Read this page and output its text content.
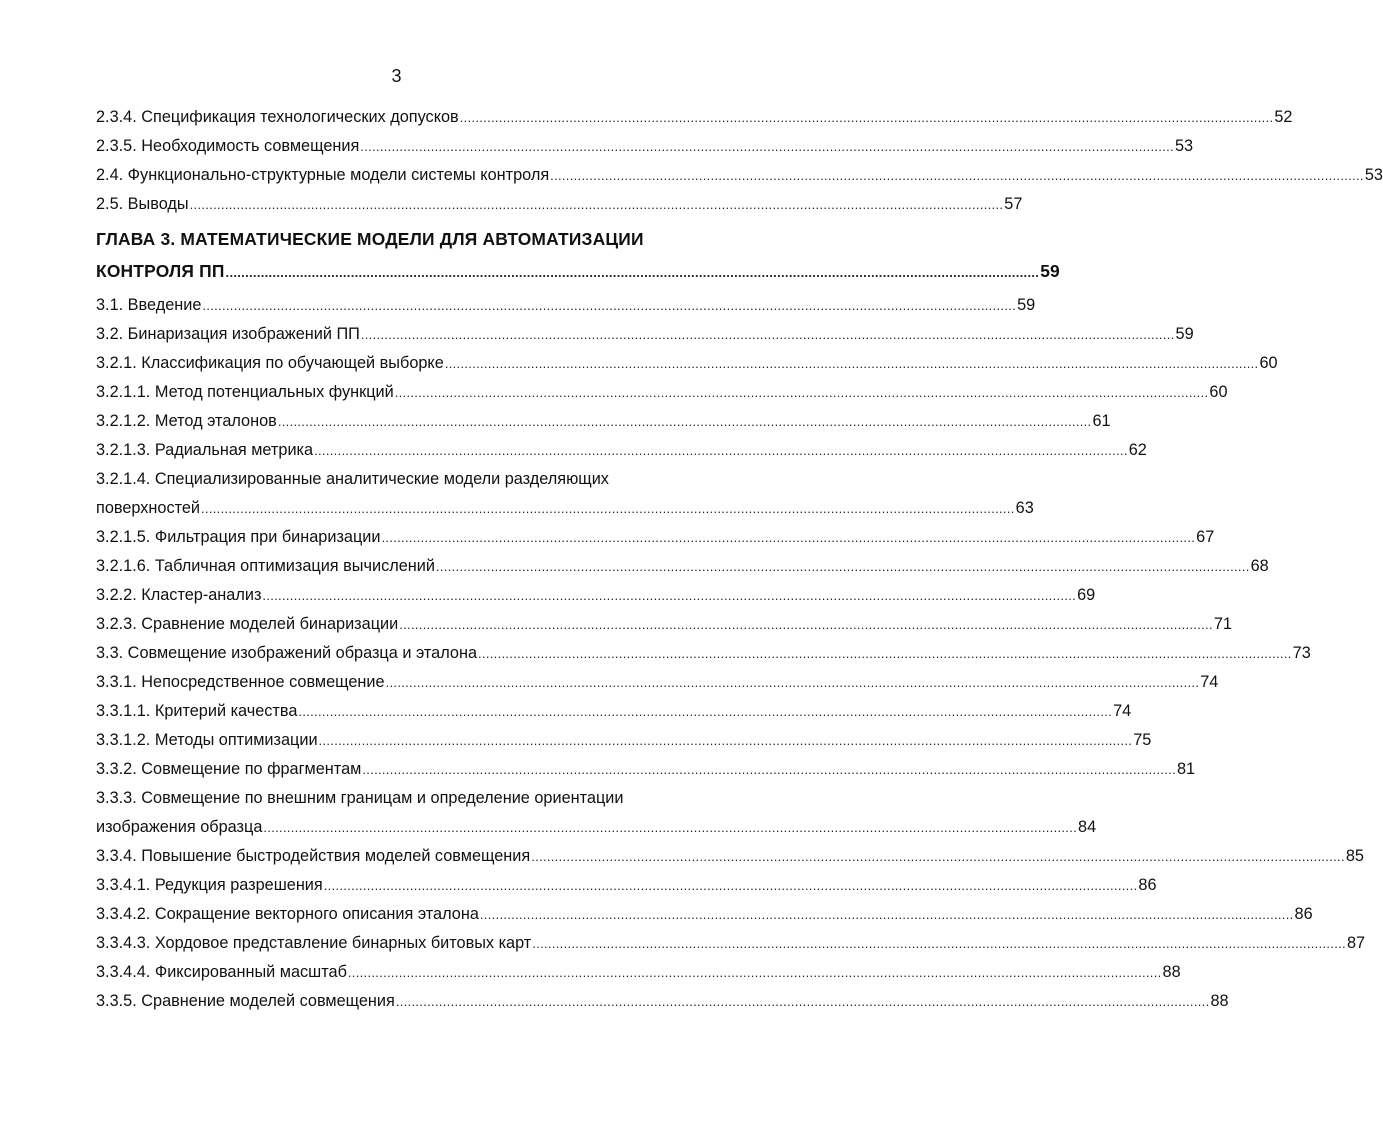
3
2.3.4. Спецификация технологических допусков .....	52
2.3.5. Необходимость совмещения .....	53
2.4. Функционально-структурные модели системы контроля .....	53
2.5. Выводы .....	57
ГЛАВА 3. МАТЕМАТИЧЕСКИЕ МОДЕЛИ ДЛЯ АВТОМАТИЗАЦИИ
КОНТРОЛЯ ПП .....	59
3.1. Введение .....	59
3.2. Бинаризация изображений ПП .....	59
3.2.1. Классификация по обучающей выборке .....	60
3.2.1.1. Метод потенциальных функций .....	60
3.2.1.2. Метод эталонов .....	61
3.2.1.3. Радиальная метрика .....	62
3.2.1.4. Специализированные аналитические модели разделяющих
поверхностей .....	63
3.2.1.5. Фильтрация при бинаризации .....	67
3.2.1.6. Табличная оптимизация вычислений .....	68
3.2.2. Кластер-анализ .....	69
3.2.3. Сравнение моделей бинаризации .....	71
3.3. Совмещение изображений образца и эталона .....	73
3.3.1. Непосредственное совмещение .....	74
3.3.1.1. Критерий качества .....	74
3.3.1.2. Методы оптимизации .....	75
3.3.2. Совмещение по фрагментам .....	81
3.3.3. Совмещение по внешним границам и определение ориентации
изображения образца .....	84
3.3.4. Повышение быстродействия моделей совмещения .....	85
3.3.4.1. Редукция разрешения .....	86
3.3.4.2. Сокращение векторного описания эталона .....	86
3.3.4.3. Хордовое представление бинарных битовых карт .....	87
3.3.4.4. Фиксированный масштаб .....	88
3.3.5. Сравнение моделей совмещения .....	88
